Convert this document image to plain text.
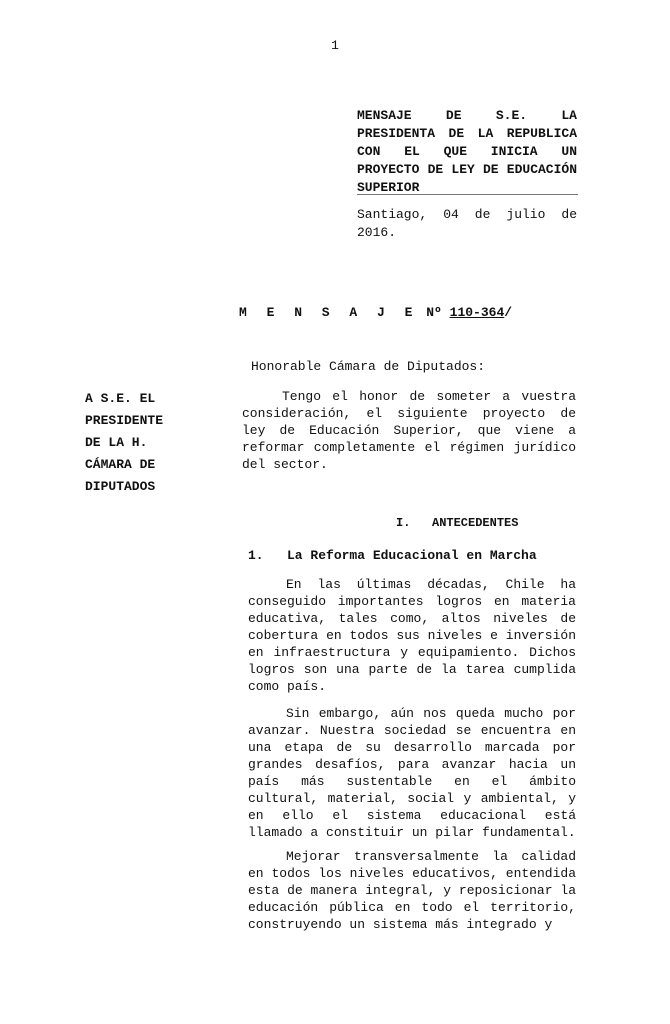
1
MENSAJE DE S.E. LA PRESIDENTA DE LA REPUBLICA CON EL QUE INICIA UN PROYECTO DE LEY DE EDUCACIÓN SUPERIOR
Santiago, 04 de julio de 2016.
M E N S A J E Nº 110-364/
Honorable Cámara de Diputados:
A S.E. EL
PRESIDENTE
DE LA H.
CÁMARA DE
DIPUTADOS

Tengo el honor de someter a vuestra consideración, el siguiente proyecto de ley de Educación Superior, que viene a reformar completamente el régimen jurídico del sector.

I.   ANTECEDENTES
1.   La Reforma Educacional en Marcha

En las últimas décadas, Chile ha conseguido importantes logros en materia educativa, tales como, altos niveles de cobertura en todos sus niveles e inversión en infraestructura y equipamiento. Dichos logros son una parte de la tarea cumplida como país.

Sin embargo, aún nos queda mucho por avanzar. Nuestra sociedad se encuentra en una etapa de su desarrollo marcada por grandes desafíos, para avanzar hacia un país más sustentable en el ámbito cultural, material, social y ambiental, y en ello el sistema educacional está llamado a constituir un pilar fundamental.

Mejorar transversalmente la calidad en todos los niveles educativos, entendida esta de manera integral, y reposicionar la educación pública en todo el territorio, construyendo un sistema más integrado y
